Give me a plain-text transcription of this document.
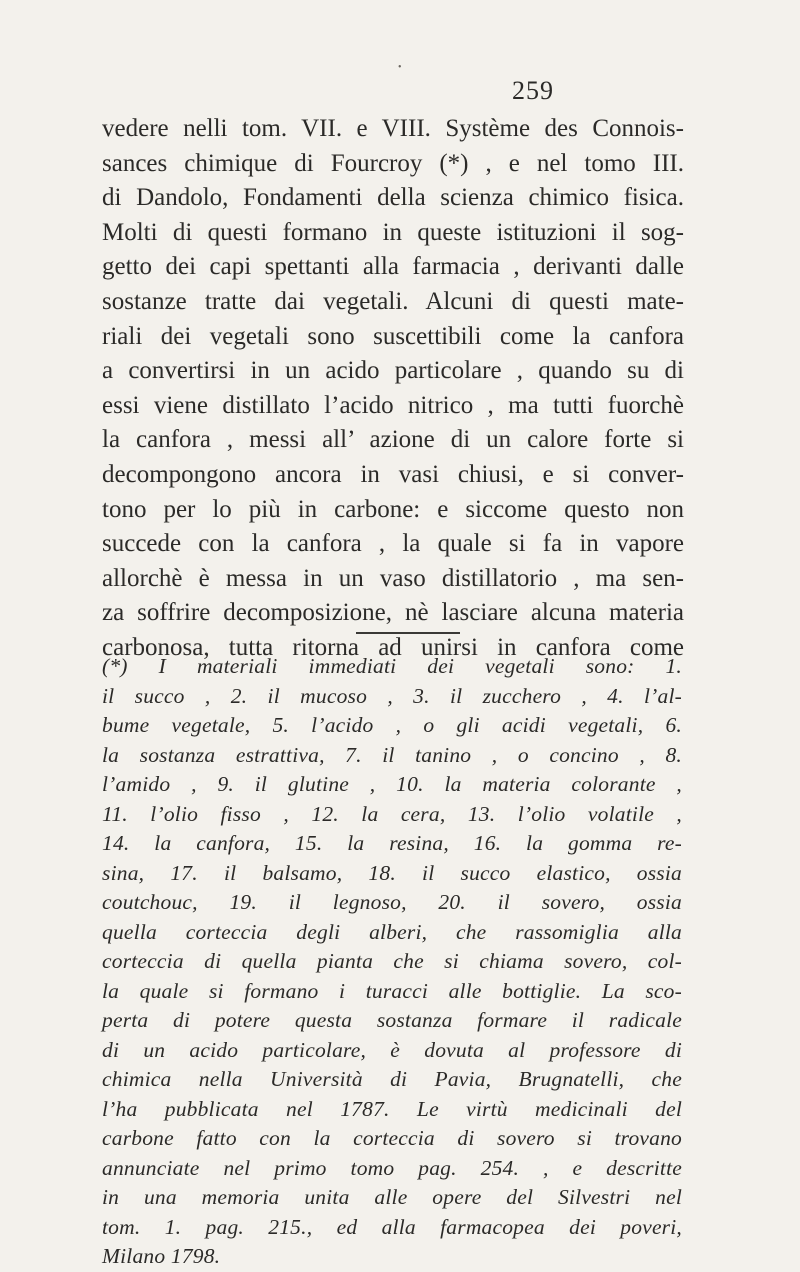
•
259
vedere nelli tom. VII. e VIII. Système des Connois-
sances chimique di Fourcroy (*) , e nel tomo III.
di Dandolo, Fondamenti della scienza chimico fisica.
Molti di questi formano in queste istituzioni il sog-
getto dei capi spettanti alla farmacia , derivanti dalle
sostanze tratte dai vegetali. Alcuni di questi mate-
riali dei vegetali sono suscettibili come la canfora
a convertirsi in un acido particolare , quando su di
essi viene distillato l’acido nitrico , ma tutti fuorchè
la canfora , messi all’ azione di un calore forte si
decompongono ancora in vasi chiusi, e si conver-
tono per lo più in carbone: e siccome questo non
succede con la canfora , la quale si fa in vapore
allorchè è messa in un vaso distillatorio , ma sen-
za soffrire decomposizione, nè lasciare alcuna materia
carbonosa, tutta ritorna ad unirsi in canfora come
(*) I materiali immediati dei vegetali sono: 1.
il succo , 2. il mucoso , 3. il zucchero , 4. l’al-
bume vegetale, 5. l’acido , o gli acidi vegetali, 6.
la sostanza estrattiva, 7. il tanino , o concino , 8.
l’amido , 9. il glutine , 10. la materia colorante ,
11. l’olio fisso , 12. la cera, 13. l’olio volatile ,
14. la canfora, 15. la resina, 16. la gomma re-
sina, 17. il balsamo, 18. il succo elastico, ossia
coutchouc, 19. il legnoso, 20. il sovero, ossia
quella corteccia degli alberi, che rassomiglia alla
corteccia di quella pianta che si chiama sovero, col-
la quale si formano i turacci alle bottiglie. La sco-
perta di potere questa sostanza formare il radicale
di un acido particolare, è dovuta al professore di
chimica nella Università di Pavia, Brugnatelli, che
l’ha pubblicata nel 1787. Le virtù medicinali del
carbone fatto con la corteccia di sovero si trovano
annunciate nel primo tomo pag. 254. , e descritte
in una memoria unita alle opere del Silvestri nel
tom. 1. pag. 215., ed alla farmacopea dei poveri,
Milano 1798.
